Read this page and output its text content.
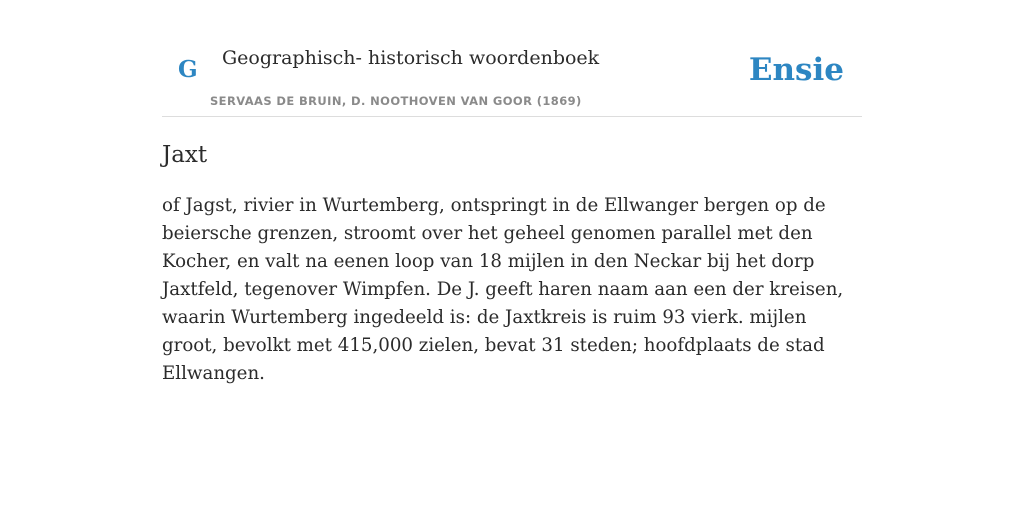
G Geographisch- historisch woordenboek
SERVAAS DE BRUIN, D. NOOTHOVEN VAN GOOR (1869)
Ensie
Jaxt

of Jagst, rivier in Wurtemberg, ontspringt in de Ellwanger bergen op de beiersche grenzen, stroomt over het geheel genomen parallel met den Kocher, en valt na eenen loop van 18 mijlen in den Neckar bij het dorp Jaxtfeld, tegenover Wimpfen. De J. geeft haren naam aan een der kreisen, waarin Wurtemberg ingedeeld is: de Jaxtkreis is ruim 93 vierk. mijlen groot, bevolkt met 415,000 zielen, bevat 31 steden; hoofdplaats de stad Ellwangen.
